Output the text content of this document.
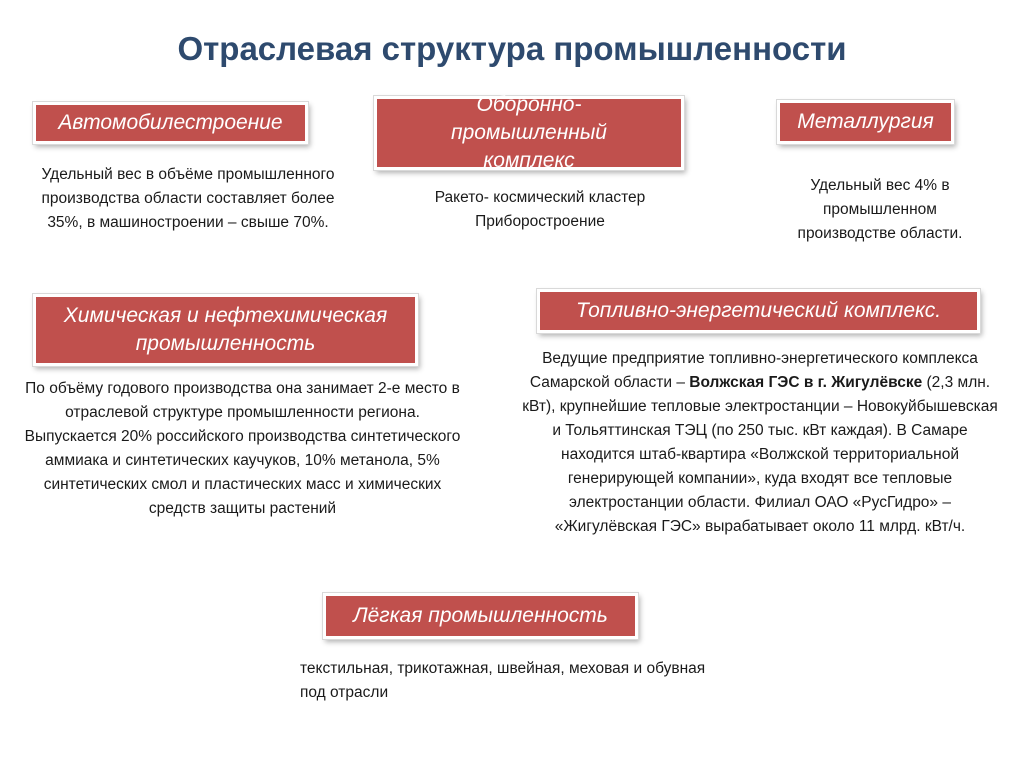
Отраслевая структура промышленности
Автомобилестроение
Удельный вес в объёме промышленного производства области составляет более 35%, в машиностроении – свыше 70%.
Оборонно-промышленный комплекс
Ракето- космический кластер
Приборостроение
Металлургия
Удельный вес 4% в промышленном производстве области.
Химическая и нефтехимическая промышленность
По объёму годового производства она занимает 2-е место в отраслевой структуре промышленности региона. Выпускается 20% российского производства синтетического аммиака и синтетических каучуков, 10% метанола, 5% синтетических смол и пластических масс и химических средств защиты растений
Топливно-энергетический комплекс.
Ведущие предприятие топливно-энергетического комплекса Самарской области – Волжская ГЭС в г. Жигулёвске (2,3 млн. кВт), крупнейшие тепловые электростанции – Новокуйбышевская и Тольяттинская ТЭЦ (по 250 тыс. кВт каждая). В Самаре находится штаб-квартира «Волжской территориальной генерирующей компании», куда входят все тепловые электростанции области. Филиал ОАО «РусГидро» – «Жигулёвская ГЭС» вырабатывает около 11 млрд. кВт/ч.
Лёгкая промышленность
текстильная, трикотажная, швейная, меховая и обувная под отрасли
